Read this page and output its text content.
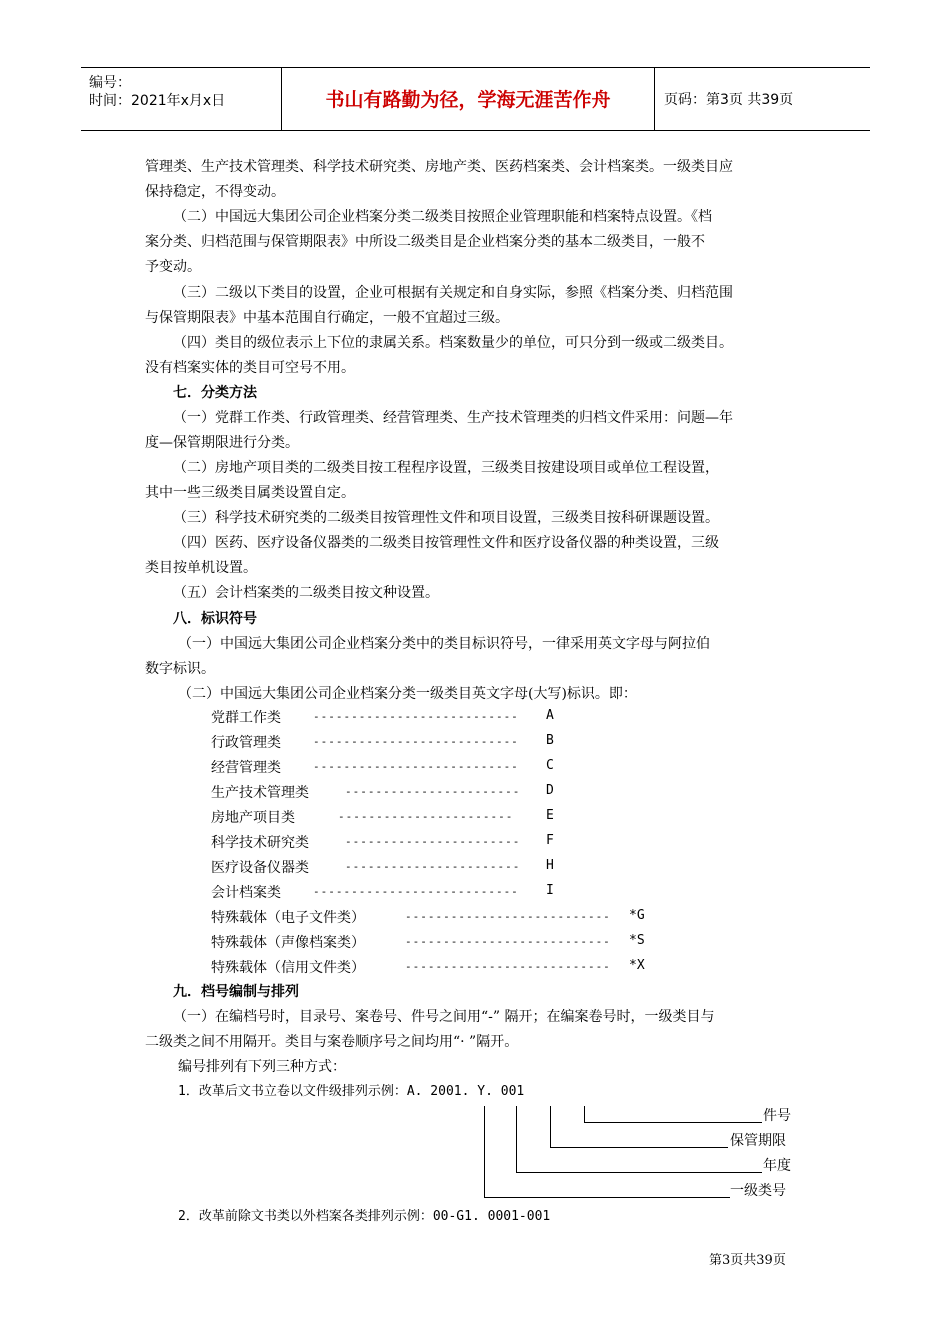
编号：
时间：2021年x月x日	书山有路勤为径，学海无涯苦作舟	页码：第3页 共39页
管理类、生产技术管理类、科学技术研究类、房地产类、医药档案类、会计档案类。一级类目应
保持稳定，不得变动。
（二）中国远大集团公司企业档案分类二级类目按照企业管理职能和档案特点设置。《档
案分类、归档范围与保管期限表》中所设二级类目是企业档案分类的基本二级类目，一般不
予变动。
（三）二级以下类目的设置，企业可根据有关规定和自身实际，参照《档案分类、归档范围
与保管期限表》中基本范围自行确定，一般不宜超过三级。
（四）类目的级位表示上下位的隶属关系。档案数量少的单位，可只分到一级或二级类目。
没有档案实体的类目可空号不用。
七．分类方法
（一）党群工作类、行政管理类、经营管理类、生产技术管理类的归档文件采用：问题—年
度—保管期限进行分类。
（二）房地产项目类的二级类目按工程程序设置，三级类目按建设项目或单位工程设置，
其中一些三级类目属类设置自定。
（三）科学技术研究类的二级类目按管理性文件和项目设置，三级类目按科研课题设置。
（四）医药、医疗设备仪器类的二级类目按管理性文件和医疗设备仪器的种类设置，三级
类目按单机设置。
（五）会计档案类的二级类目按文种设置。
八．标识符号
（一）中国远大集团公司企业档案分类中的类目标识符号，一律采用英文字母与阿拉伯
数字标识。
（二）中国远大集团公司企业档案分类一级类目英文字母(大写)标识。即：
党群工作类	--------------------------- A
行政管理类	--------------------------- B
经营管理类	--------------------------- C
生产技术管理类	----------------------- D
房地产项目类	-----------------------	E
科学技术研究类	----------------------- F
医疗设备仪器类	----------------------- H
会计档案类	--------------------------- I
特殊载体（电子文件类）	--------------------------- *G
特殊载体（声像档案类）	--------------------------- *S
特殊载体（信用文件类）	--------------------------- *X
九．档号编制与排列
（一）在编档号时，目录号、案卷号、件号之间用“-” 隔开；在编案卷号时，一级类目与
二级类之间不用隔开。类目与案卷顺序号之间均用“· ”隔开。
编号排列有下列三种方式：
1．改革后文书立卷以文件级排列示例：A. 2001. Y. 001
件号
保管期限
年度
一级类号
2．改革前除文书类以外档案各类排列示例：00-G1. 0001-001
第3页共39页
